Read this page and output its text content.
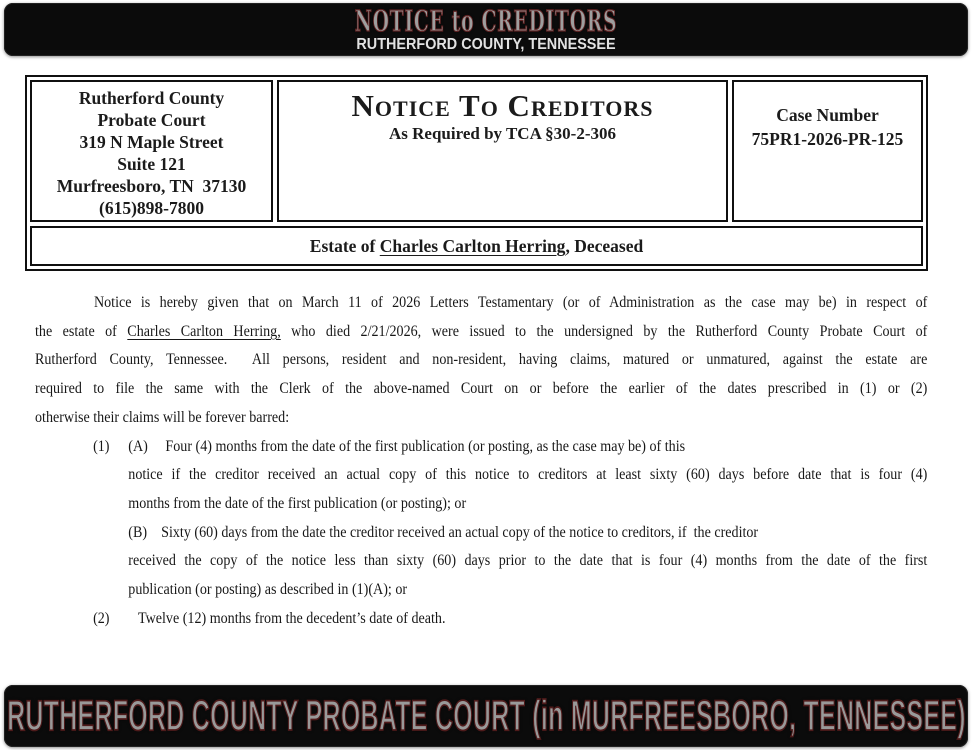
NOTICE to CREDITORS
RUTHERFORD COUNTY, TENNESSEE
Rutherford County
Probate Court
319 N Maple Street
Suite 121
Murfreesboro, TN  37130
(615)898-7800
Notice To Creditors
As Required by TCA §30-2-306
Case Number
75PR1-2026-PR-125
Estate of Charles Carlton Herring , Deceased
Notice is hereby given that on March 11 of 2026 Letters Testamentary (or of Administration as the case may be) in respect of
the estate of Charles Carlton Herring, who died 2/21/2026, were issued to the undersigned by the Rutherford County Probate Court of
Rutherford County, Tennessee.  All persons, resident and non-resident, having claims, matured or unmatured, against the estate are
required to file the same with the Clerk of the above-named Court on or before the earlier of the dates prescribed in (1) or (2)
otherwise their claims will be forever barred:
(1) (A)     Four (4) months from the date of the first publication (or posting, as the case may be) of this
notice if the creditor received an actual copy of this notice to creditors at least sixty (60) days before date that is four (4)
months from the date of the first publication (or posting); or
(B)    Sixty (60) days from the date the creditor received an actual copy of the notice to creditors, if  the creditor
received the copy of the notice less than sixty (60) days prior to the date that is four (4) months from the date of the first
publication (or posting) as described in (1)(A); or
(2) Twelve (12) months from the decedent’s date of death.
RUTHERFORD COUNTY PROBATE COURT (in MURFREESBORO, TENNESSEE)
